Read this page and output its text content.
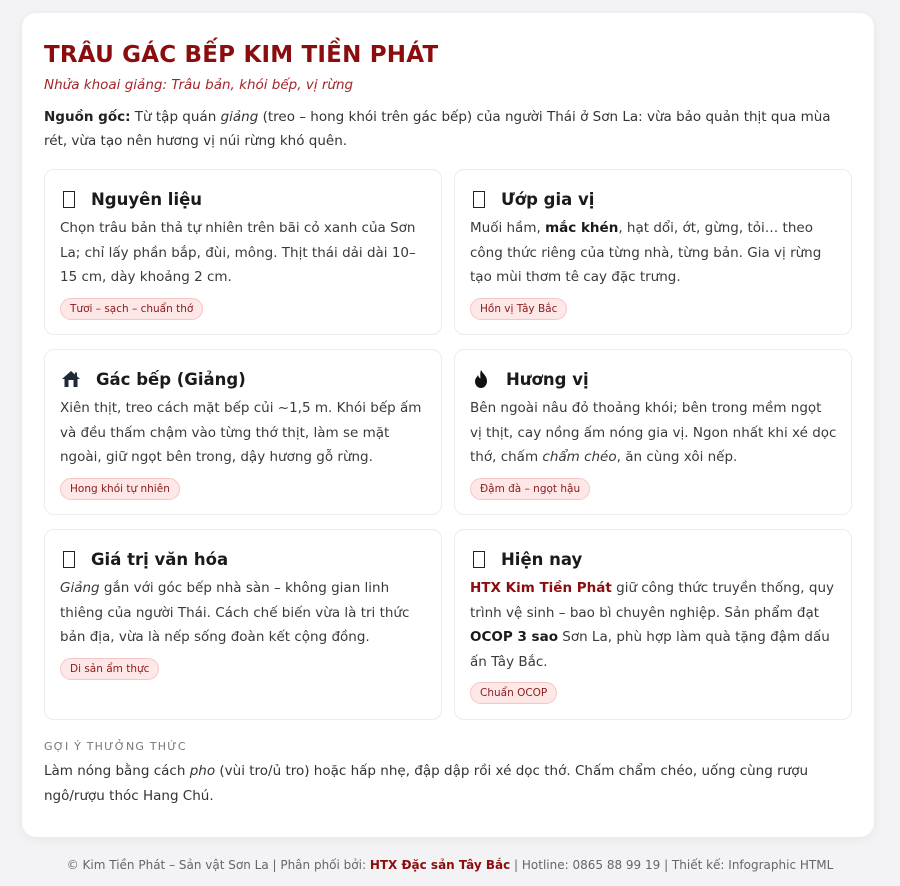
TRÂU GÁC BẾP KIM TIỀN PHÁT
Nhửa khoai giảng: Trâu bản, khói bếp, vị rừng

Nguồn gốc: Từ tập quán giảng (treo – hong khói trên gác bếp) của người Thái ở Sơn La: vừa bảo quản thịt qua mùa rét, vừa tạo nên hương vị núi rừng khó quên.

Nguyên liệu

Chọn trâu bản thả tự nhiên trên bãi cỏ xanh của Sơn La; chỉ lấy phần bắp, đùi, mông. Thịt thái dải dài 10–15 cm, dày khoảng 2 cm.

Tươi – sạch – chuẩn thớ
Ướp gia vị

Muối hầm, mắc khén, hạt dổi, ớt, gừng, tỏi… theo công thức riêng của từng nhà, từng bản. Gia vị rừng tạo mùi thơm tê cay đặc trưng.

Hồn vị Tây Bắc
Gác bếp (Giảng)

Xiên thịt, treo cách mặt bếp củi ~1,5 m. Khói bếp ấm và đều thấm chậm vào từng thớ thịt, làm se mặt ngoài, giữ ngọt bên trong, dậy hương gỗ rừng.

Hong khói tự nhiên
Hương vị

Bên ngoài nâu đỏ thoảng khói; bên trong mềm ngọt vị thịt, cay nồng ấm nóng gia vị. Ngon nhất khi xé dọc thớ, chấm chẩm chéo, ăn cùng xôi nếp.

Đậm đà – ngọt hậu
Giá trị văn hóa

Giảng gắn với góc bếp nhà sàn – không gian linh thiêng của người Thái. Cách chế biến vừa là tri thức bản địa, vừa là nếp sống đoàn kết cộng đồng.

Di sản ẩm thực
Hiện nay

HTX Kim Tiền Phát giữ công thức truyền thống, quy trình vệ sinh – bao bì chuyên nghiệp. Sản phẩm đạt OCOP 3 sao Sơn La, phù hợp làm quà tặng đậm dấu ấn Tây Bắc.

Chuẩn OCOP
GỢI Ý THƯỞNG THỨC

Làm nóng bằng cách pho (vùi tro/ủ tro) hoặc hấp nhẹ, đập dập rồi xé dọc thớ. Chấm chẩm chéo, uống cùng rượu ngô/rượu thóc Hang Chú.

© Kim Tiền Phát – Sản vật Sơn La | Phân phối bởi: HTX Đặc sản Tây Bắc | Hotline: 0865 88 99 19 | Thiết kế: Infographic HTML
